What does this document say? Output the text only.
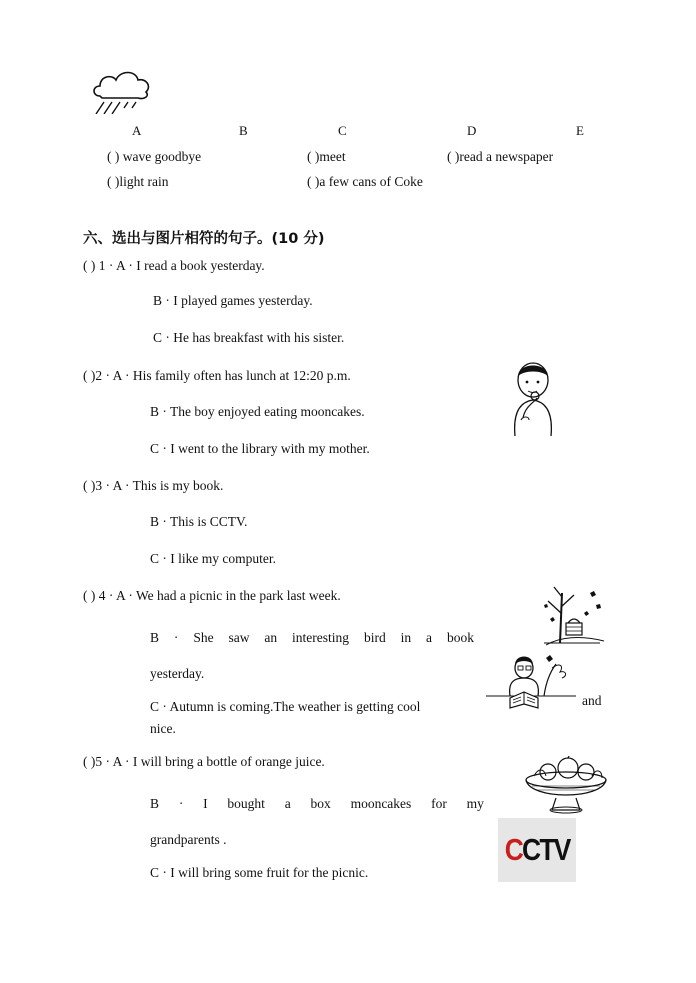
A	B	C	D	E
( ) wave goodbye	( )meet	( )read a newspaper
( )light rain	( )a few cans of Coke
六、选出与图片相符的句子。(10 分)
( ) 1 · A · I read a book yesterday.
B · I played games yesterday.
C · He has breakfast with his sister.
( )2 · A · His family often has lunch at 12:20 p.m.
B · The boy enjoyed eating mooncakes.
C · I went to the library with my mother.
( )3 · A · This is my book.
B · This is CCTV.
C · I like my computer.
( ) 4 · A · We had a picnic in the park last week.
B · She saw an interesting bird in a book
yesterday.
C · Autumn is coming.The weather is getting cool	and
nice.
( )5 · A · I will bring a bottle of orange juice.
B · I bought a box mooncakes for my
grandparents .
C · I will bring some fruit for the picnic.
CCTV
